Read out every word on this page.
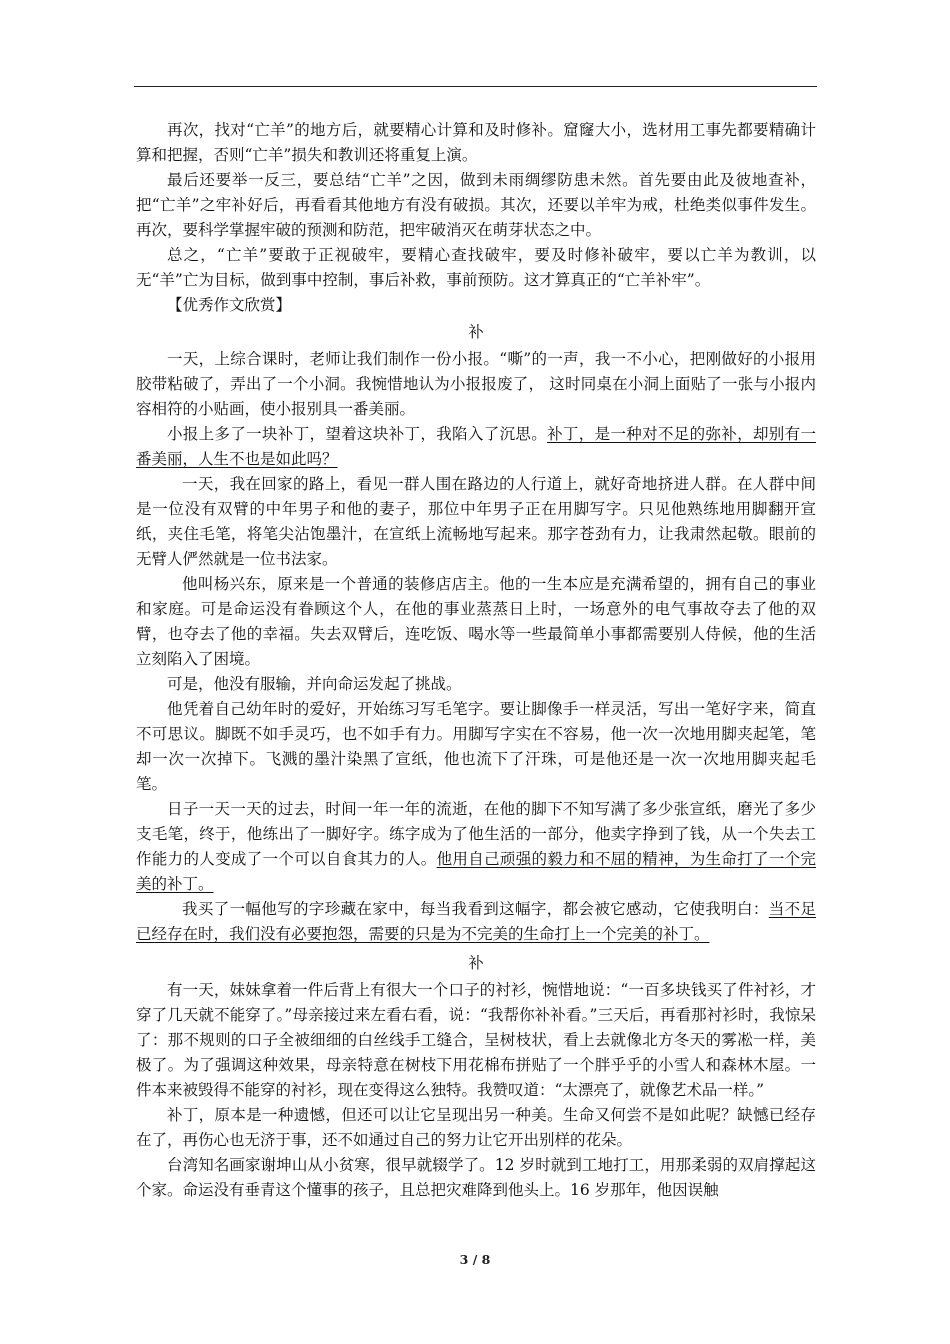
再次，找对“亡羊”的地方后，就要精心计算和及时修补。窟窿大小，选材用工事先都要精确计算和把握，否则“亡羊”损失和教训还将重复上演。

最后还要举一反三，要总结“亡羊”之因，做到未雨绸缪防患未然。首先要由此及彼地查补，把“亡羊”之牢补好后，再看看其他地方有没有破损。其次，还要以羊牢为戒，杜绝类似事件发生。再次，要科学掌握牢破的预测和防范，把牢破消灭在萌芽状态之中。

总之，“亡羊”要敢于正视破牢，要精心查找破牢，要及时修补破牢，要以亡羊为教训，以无“羊”亡为目标，做到事中控制，事后补救，事前预防。这才算真正的“亡羊补牢”。

【优秀作文欣赏】

补

一天，上综合课时，老师让我们制作一份小报。“嘶”的一声，我一不小心，把刚做好的小报用胶带粘破了，弄出了一个小洞。我惋惜地认为小报报废了， 这时同桌在小洞上面贴了一张与小报内容相符的小贴画，使小报别具一番美丽。

小报上多了一块补丁，望着这块补丁，我陷入了沉思。补丁，是一种对不足的弥补，却别有一番美丽，人生不也是如此吗？

一天，我在回家的路上，看见一群人围在路边的人行道上，就好奇地挤进人群。在人群中间是一位没有双臂的中年男子和他的妻子，那位中年男子正在用脚写字。只见他熟练地用脚翻开宣纸，夹住毛笔，将笔尖沾饱墨汁，在宣纸上流畅地写起来。那字苍劲有力，让我肃然起敬。眼前的无臂人俨然就是一位书法家。

他叫杨兴东，原来是一个普通的装修店店主。他的一生本应是充满希望的，拥有自己的事业和家庭。可是命运没有眷顾这个人，在他的事业蒸蒸日上时，一场意外的电气事故夺去了他的双臂，也夺去了他的幸福。失去双臂后，连吃饭、喝水等一些最简单小事都需要别人侍候，他的生活立刻陷入了困境。

可是，他没有服输，并向命运发起了挑战。

他凭着自己幼年时的爱好，开始练习写毛笔字。要让脚像手一样灵活，写出一笔好字来，简直不可思议。脚既不如手灵巧，也不如手有力。用脚写字实在不容易，他一次一次地用脚夹起笔，笔却一次一次掉下。飞溅的墨汁染黑了宣纸，他也流下了汗珠，可是他还是一次一次地用脚夹起毛笔。

日子一天一天的过去，时间一年一年的流逝，在他的脚下不知写满了多少张宣纸，磨光了多少支毛笔，终于，他练出了一脚好字。练字成为了他生活的一部分，他卖字挣到了钱，从一个失去工作能力的人变成了一个可以自食其力的人。他用自己顽强的毅力和不屈的精神，为生命打了一个完美的补丁。

我买了一幅他写的字珍藏在家中，每当我看到这幅字，都会被它感动，它使我明白：当不足已经存在时，我们没有必要抱怨，需要的只是为不完美的生命打上一个完美的补丁。

补

有一天，妹妹拿着一件后背上有很大一个口子的衬衫，惋惜地说：“一百多块钱买了件衬衫，才穿了几天就不能穿了。”母亲接过来左看右看，说：“我帮你补补看。”三天后，再看那衬衫时，我惊呆了：那不规则的口子全被细细的白丝线手工缝合，呈树枝状，看上去就像北方冬天的雾凇一样，美极了。为了强调这种效果，母亲特意在树枝下用花棉布拼贴了一个胖乎乎的小雪人和森林木屋。一件本来被毁得不能穿的衬衫，现在变得这么独特。我赞叹道：“太漂亮了，就像艺术品一样。”

补丁，原本是一种遗憾，但还可以让它呈现出另一种美。生命又何尝不是如此呢？缺憾已经存在了，再伤心也无济于事，还不如通过自己的努力让它开出别样的花朵。

台湾知名画家谢坤山从小贫寒，很早就辍学了。12 岁时就到工地打工，用那柔弱的双肩撑起这个家。命运没有垂青这个懂事的孩子，且总把灾难降到他头上。16 岁那年，他因误触

3 / 8
